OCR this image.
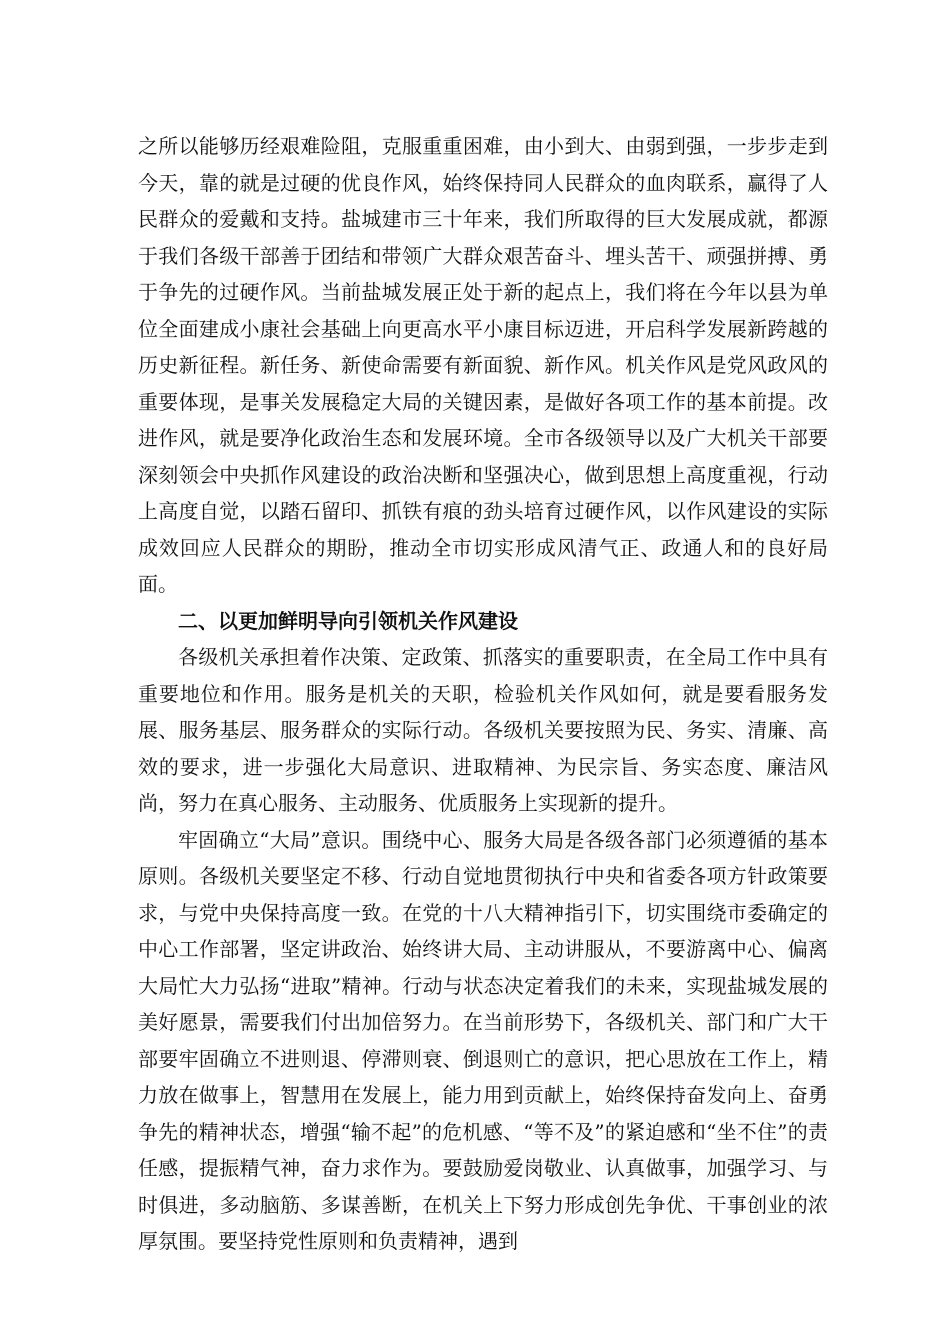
之所以能够历经艰难险阻，克服重重困难，由小到大、由弱到强，一步步走到今天，靠的就是过硬的优良作风，始终保持同人民群众的血肉联系，赢得了人民群众的爱戴和支持。盐城建市三十年来，我们所取得的巨大发展成就，都源于我们各级干部善于团结和带领广大群众艰苦奋斗、埋头苦干、顽强拼搏、勇于争先的过硬作风。当前盐城发展正处于新的起点上，我们将在今年以县为单位全面建成小康社会基础上向更高水平小康目标迈进，开启科学发展新跨越的历史新征程。新任务、新使命需要有新面貌、新作风。机关作风是党风政风的重要体现，是事关发展稳定大局的关键因素，是做好各项工作的基本前提。改进作风，就是要净化政治生态和发展环境。全市各级领导以及广大机关干部要深刻领会中央抓作风建设的政治决断和坚强决心，做到思想上高度重视，行动上高度自觉，以踏石留印、抓铁有痕的劲头培育过硬作风，以作风建设的实际成效回应人民群众的期盼，推动全市切实形成风清气正、政通人和的良好局面。

二、以更加鲜明导向引领机关作风建设

各级机关承担着作决策、定政策、抓落实的重要职责，在全局工作中具有重要地位和作用。服务是机关的天职，检验机关作风如何，就是要看服务发展、服务基层、服务群众的实际行动。各级机关要按照为民、务实、清廉、高效的要求，进一步强化大局意识、进取精神、为民宗旨、务实态度、廉洁风尚，努力在真心服务、主动服务、优质服务上实现新的提升。

牢固确立“大局”意识。围绕中心、服务大局是各级各部门必须遵循的基本原则。各级机关要坚定不移、行动自觉地贯彻执行中央和省委各项方针政策要求，与党中央保持高度一致。在党的十八大精神指引下，切实围绕市委确定的中心工作部署，坚定讲政治、始终讲大局、主动讲服从，不要游离中心、偏离大局忙大力弘扬“进取”精神。行动与状态决定着我们的未来，实现盐城发展的美好愿景，需要我们付出加倍努力。在当前形势下，各级机关、部门和广大干部要牢固确立不进则退、停滞则衰、倒退则亡的意识，把心思放在工作上，精力放在做事上，智慧用在发展上，能力用到贡献上，始终保持奋发向上、奋勇争先的精神状态，增强“输不起”的危机感、“等不及”的紧迫感和“坐不住”的责任感，提振精气神，奋力求作为。要鼓励爱岗敬业、认真做事，加强学习、与时俱进，多动脑筋、多谋善断，在机关上下努力形成创先争优、干事创业的浓厚氛围。要坚持党性原则和负责精神，遇到
